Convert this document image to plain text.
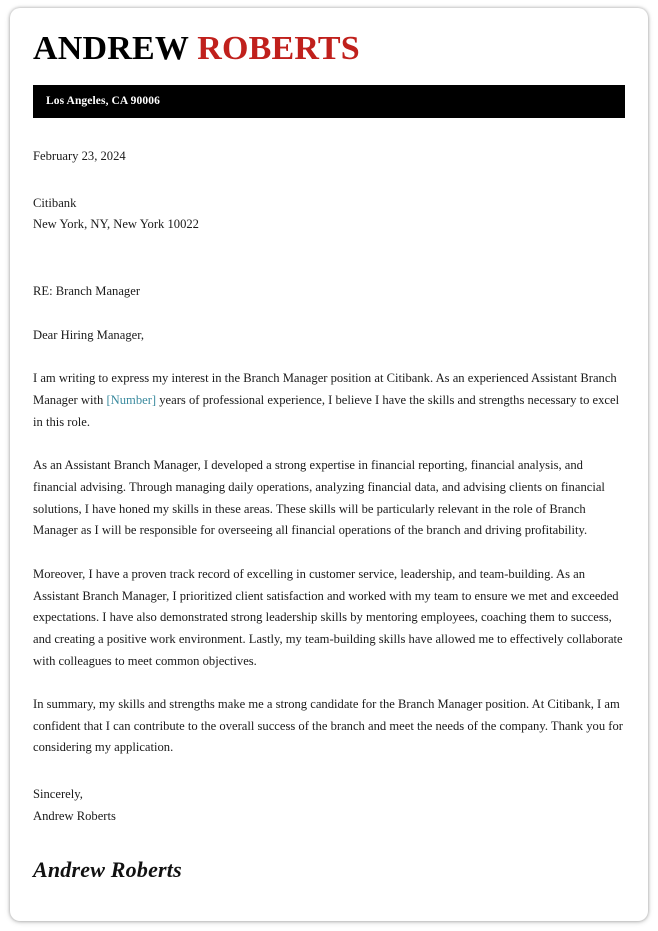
ANDREW ROBERTS
Los Angeles, CA 90006

February 23, 2024

Citibank

New York, NY, New York 10022

RE: Branch Manager

Dear Hiring Manager,

I am writing to express my interest in the Branch Manager position at Citibank. As an experienced Assistant Branch Manager with [Number] years of professional experience, I believe I have the skills and strengths necessary to excel in this role.

As an Assistant Branch Manager, I developed a strong expertise in financial reporting, financial analysis, and financial advising. Through managing daily operations, analyzing financial data, and advising clients on financial solutions, I have honed my skills in these areas. These skills will be particularly relevant in the role of Branch Manager as I will be responsible for overseeing all financial operations of the branch and driving profitability.

Moreover, I have a proven track record of excelling in customer service, leadership, and team-building. As an Assistant Branch Manager, I prioritized client satisfaction and worked with my team to ensure we met and exceeded expectations. I have also demonstrated strong leadership skills by mentoring employees, coaching them to success, and creating a positive work environment. Lastly, my team-building skills have allowed me to effectively collaborate with colleagues to meet common objectives.

In summary, my skills and strengths make me a strong candidate for the Branch Manager position. At Citibank, I am confident that I can contribute to the overall success of the branch and meet the needs of the company. Thank you for considering my application.

Sincerely,

Andrew Roberts

Andrew Roberts
